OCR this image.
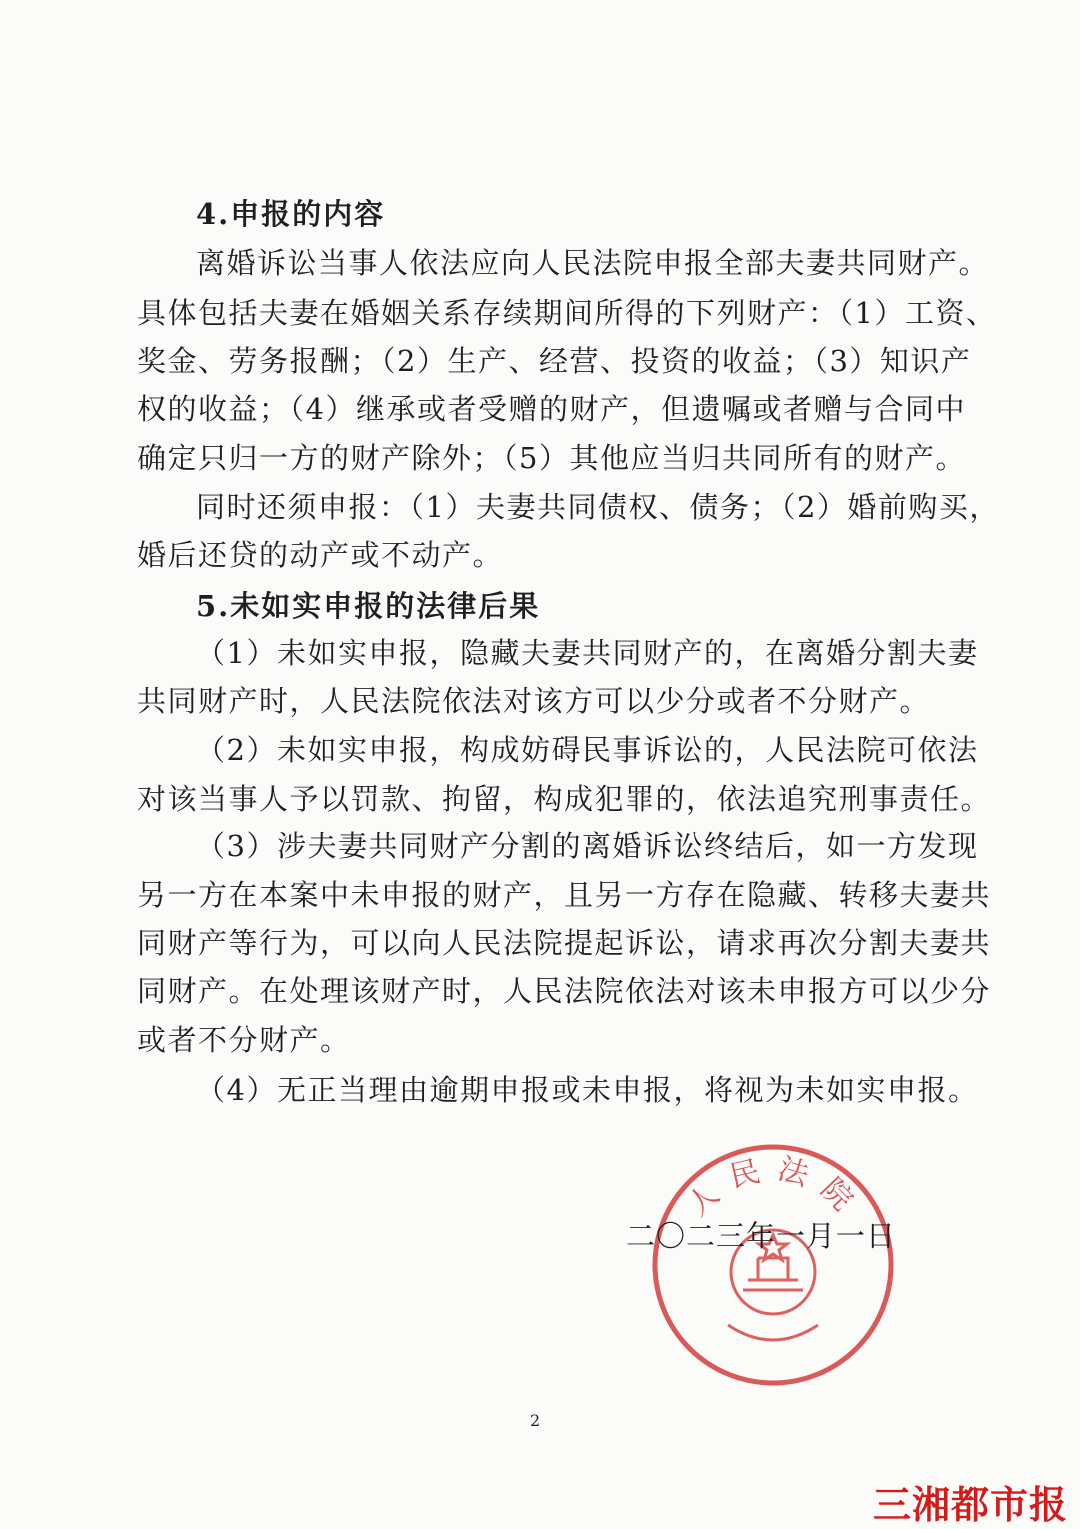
4.申报的内容
离婚诉讼当事人依法应向人民法院申报全部夫妻共同财产。
具体包括夫妻在婚姻关系存续期间所得的下列财产：（1）工资、
奖金、劳务报酬；（2）生产、经营、投资的收益；（3）知识产
权的收益；（4）继承或者受赠的财产，但遗嘱或者赠与合同中
确定只归一方的财产除外；（5）其他应当归共同所有的财产。
同时还须申报：（1）夫妻共同债权、债务；（2）婚前购买，
婚后还贷的动产或不动产。
5.未如实申报的法律后果
（1）未如实申报，隐藏夫妻共同财产的，在离婚分割夫妻
共同财产时，人民法院依法对该方可以少分或者不分财产。
（2）未如实申报，构成妨碍民事诉讼的，人民法院可依法
对该当事人予以罚款、拘留，构成犯罪的，依法追究刑事责任。
（3）涉夫妻共同财产分割的离婚诉讼终结后，如一方发现
另一方在本案中未申报的财产，且另一方存在隐藏、转移夫妻共
同财产等行为，可以向人民法院提起诉讼，请求再次分割夫妻共
同财产。在处理该财产时，人民法院依法对该未申报方可以少分
或者不分财产。
（4）无正当理由逾期申报或未申报，将视为未如实申报。
人民法院
二〇二三年一月一日
2
三湘都市报
